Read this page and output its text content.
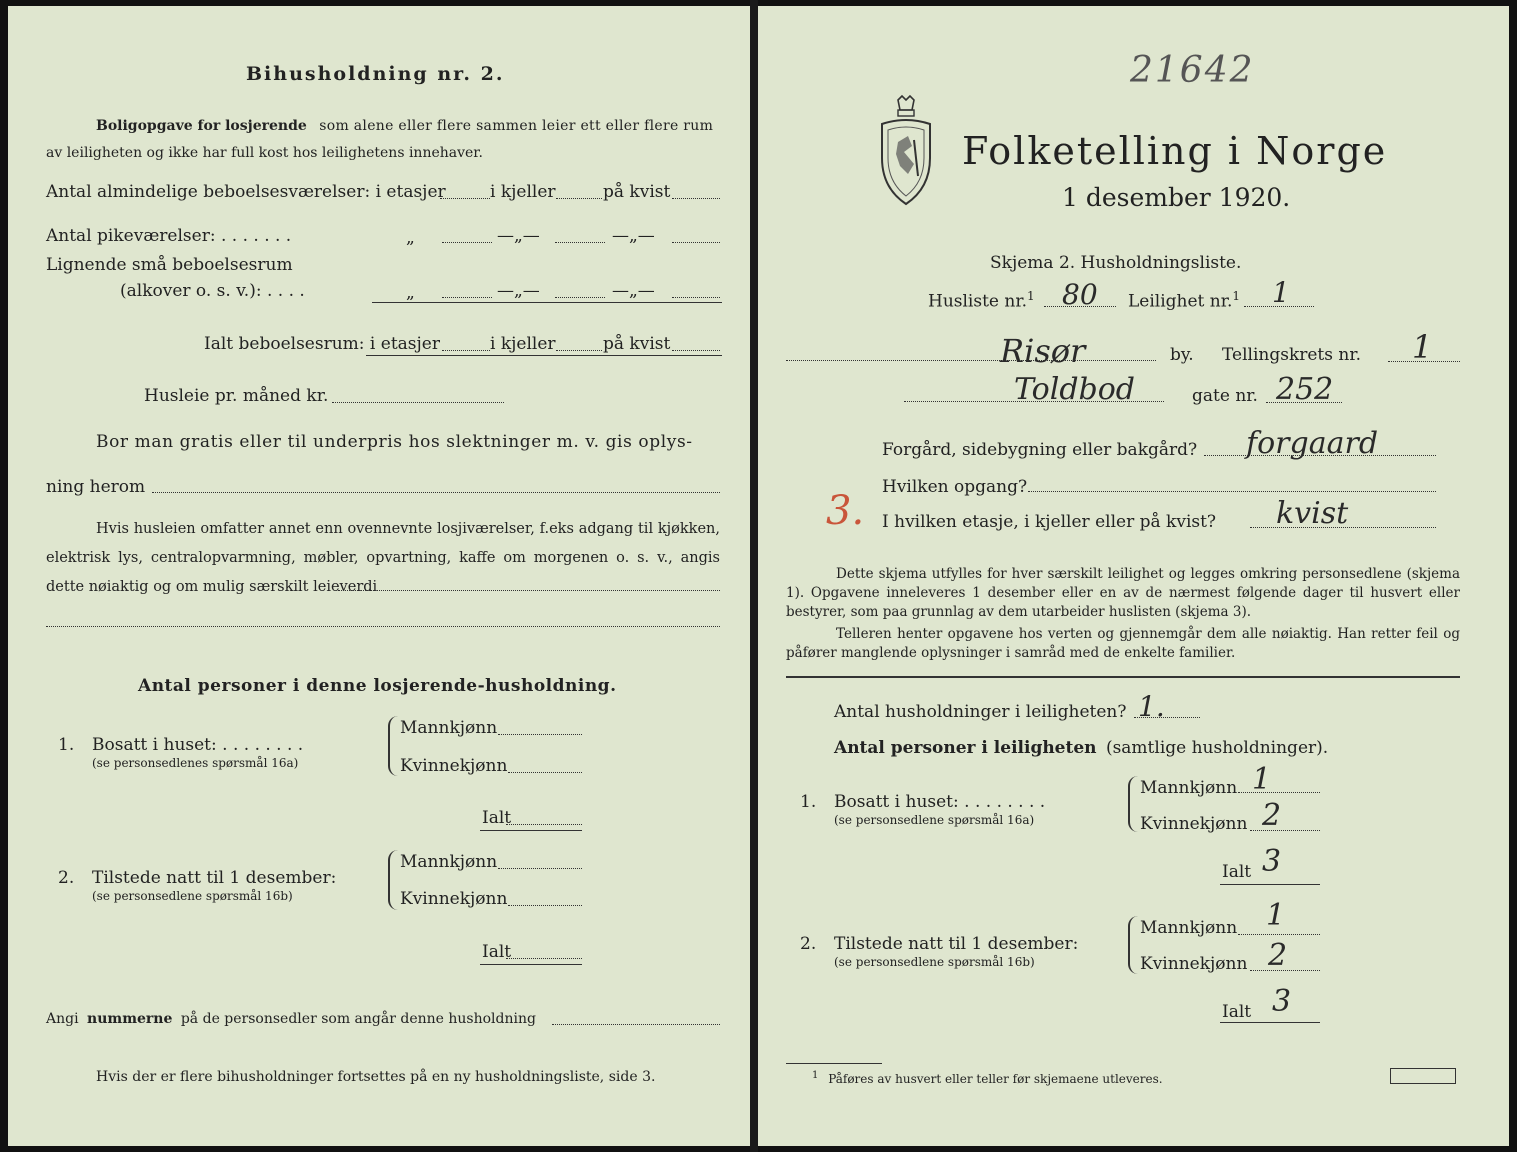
Bihusholdning nr. 2.
Boligopgave for losjerende som alene eller flere sammen leier ett eller flere rum
av leiligheten og ikke har full kost hos leilighetens innehaver.
Antal almindelige beboelsesværelser: i etasjer	i kjeller	på kvist
Antal pikeværelser: . . . . . . .	„	—„—	—„—
Lignende små beboelsesrum
(alkover o. s. v.): . . . .	„	—„—	—„—
Ialt beboelsesrum: i etasjer	i kjeller	på kvist
Husleie pr. måned kr.
Bor man gratis eller til underpris hos slektninger m. v. gis oplys-
ning herom
Hvis husleien omfatter annet enn ovennevnte losjiværelser, f.eks adgang til kjøkken, elektrisk lys, centralopvarmning, møbler, opvartning, kaffe om morgenen o. s. v., angis dette nøiaktig og om mulig særskilt leieverdi
Antal personer i denne losjerende-husholdning.
1. Bosatt i huset: . . . . . . . .
(se personsedlenes spørsmål 16a)
Mannkjønn
Kvinnekjønn
Ialt
2. Tilstede natt til 1 desember:
(se personsedlene spørsmål 16b)
Mannkjønn
Kvinnekjønn
Ialt
Angi nummerne på de personsedler som angår denne husholdning
Hvis der er flere bihusholdninger fortsettes på en ny husholdningsliste, side 3.
21642
Folketelling i Norge
1 desember 1920.
Skjema 2. Husholdningsliste.
Husliste nr.$^1$ 80 Leilighet nr.$^1$ 1
Risør	by. Tellingskrets nr. 1
Toldbod	gate nr. 252
Forgård, sidebygning eller bakgård? forgaard
Hvilken opgang?
3. I hvilken etasje, i kjeller eller på kvist? kvist
Dette skjema utfylles for hver særskilt leilighet og legges omkring personsedlene (skjema 1). Opgavene inneleveres 1 desember eller en av de nærmest følgende dager til husvert eller bestyrer, som paa grunnlag av dem utarbeider huslisten (skjema 3).
Telleren henter opgavene hos verten og gjennemgår dem alle nøiaktig. Han retter feil og påfører manglende oplysninger i samråd med de enkelte familier.
Antal husholdninger i leiligheten? 1.
Antal personer i leiligheten (samtlige husholdninger).
1. Bosatt i huset: . . . . . . . .
(se personsedlene spørsmål 16a)
Mannkjønn 1
Kvinnekjønn 2
Ialt 3
2. Tilstede natt til 1 desember:
(se personsedlene spørsmål 16b)
Mannkjønn 1
Kvinnekjønn 2
Ialt 3
$^1$ Påføres av husvert eller teller før skjemaene utleveres.
